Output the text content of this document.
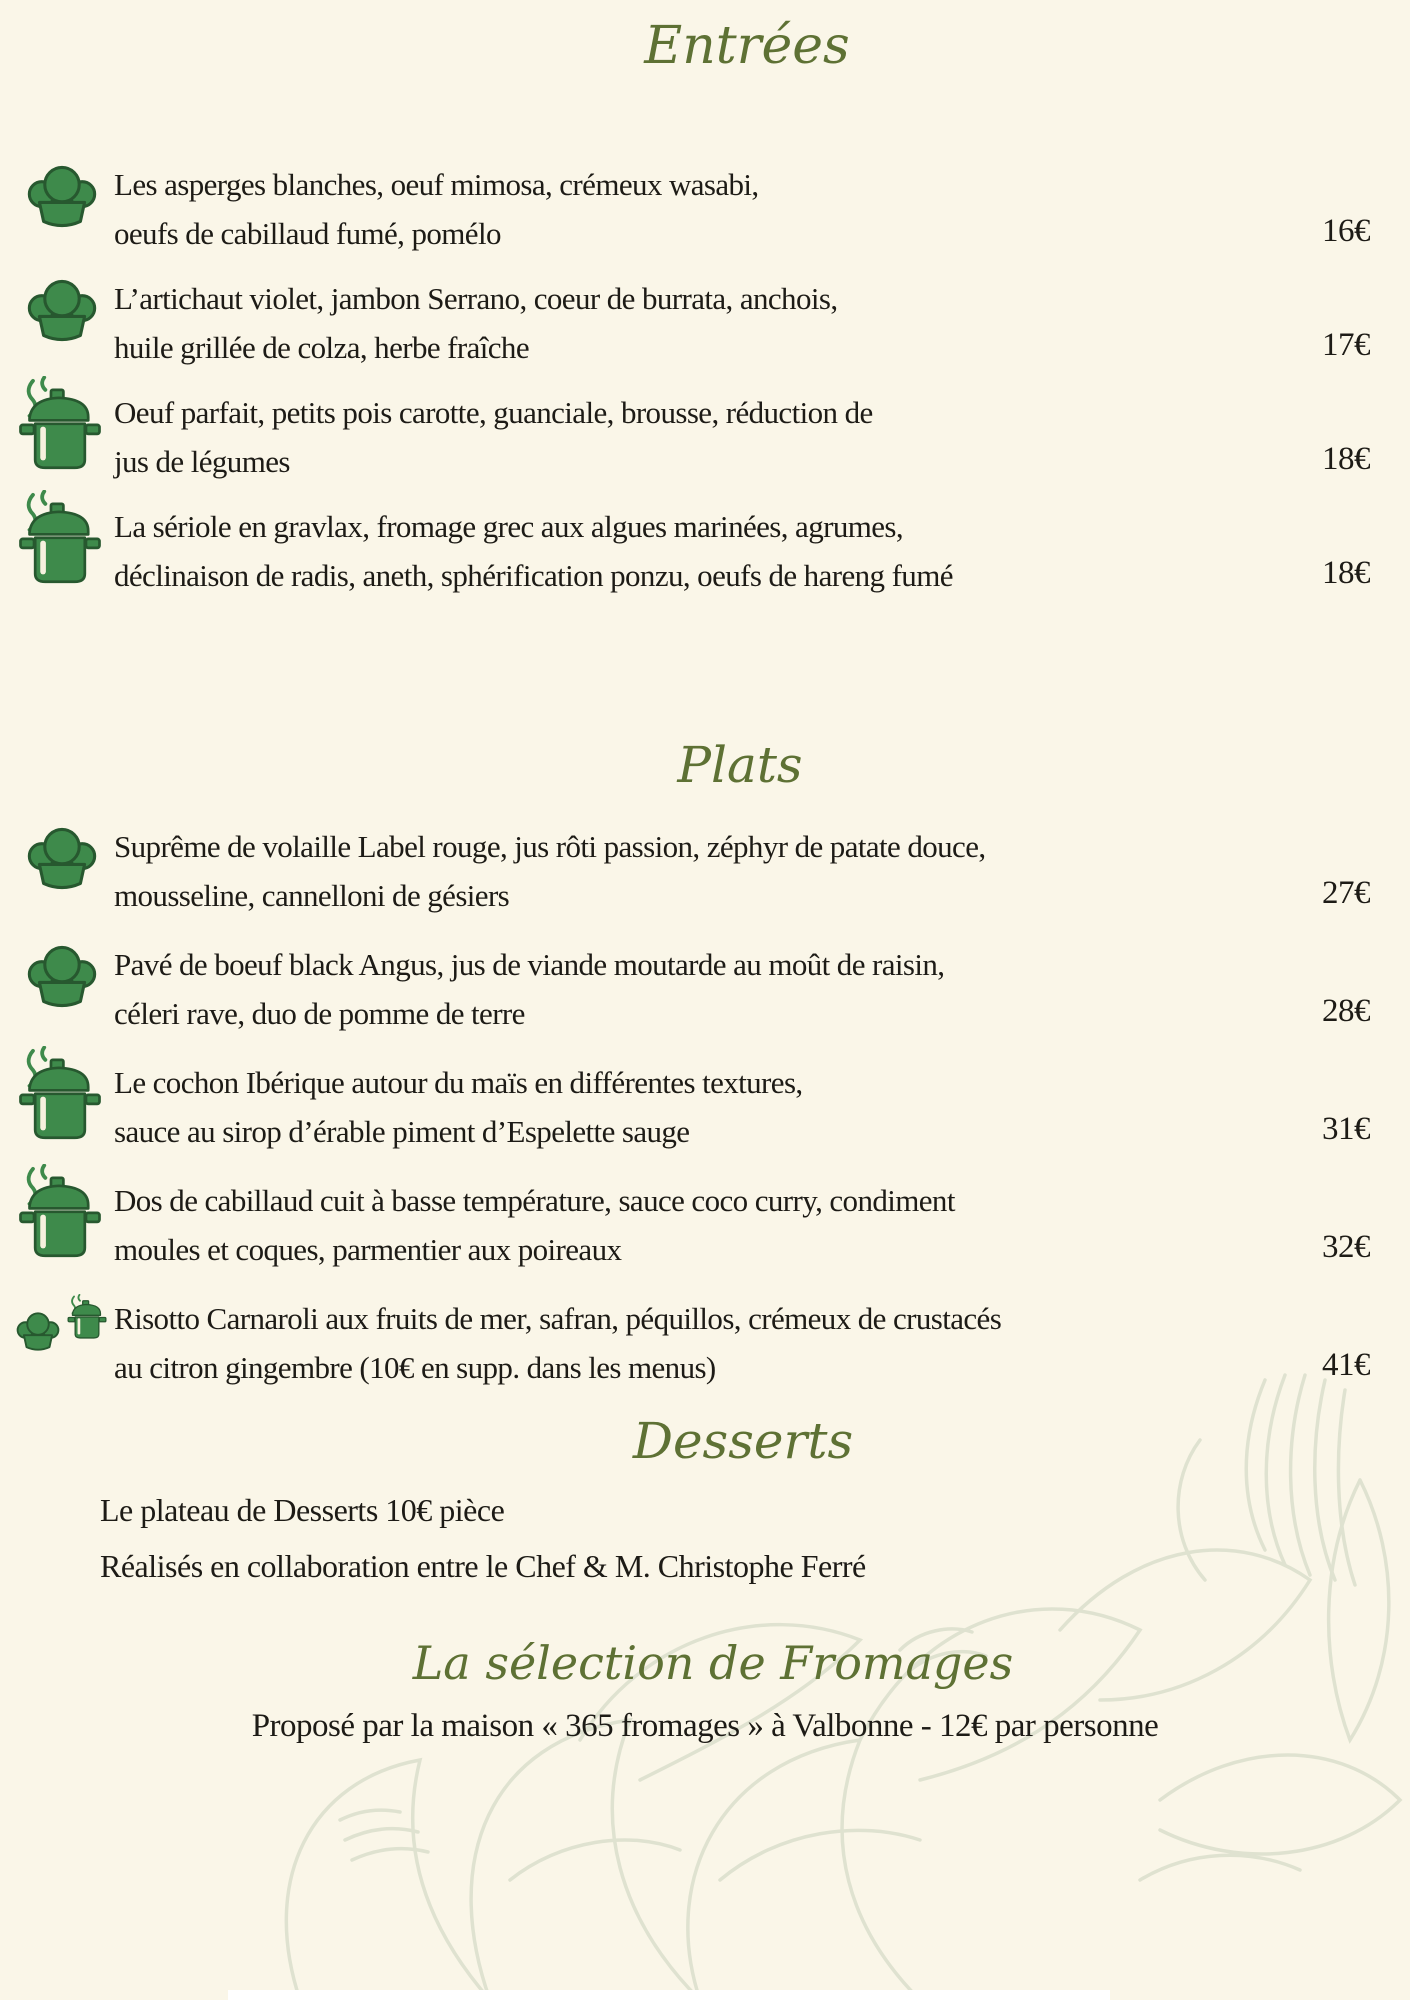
Entrées
Les asperges blanches, oeuf mimosa, crémeux wasabi,
oeufs de cabillaud fumé, pomélo	16€
L’artichaut violet, jambon Serrano, coeur de burrata, anchois,
huile grillée de colza, herbe fraîche	17€
Oeuf parfait, petits pois carotte, guanciale, brousse, réduction de
jus de légumes	18€
La sériole en gravlax, fromage grec aux algues marinées, agrumes,
déclinaison de radis, aneth, sphérification ponzu, oeufs de hareng fumé	18€
Plats
Suprême de volaille Label rouge, jus rôti passion, zéphyr de patate douce,
mousseline, cannelloni de gésiers	27€
Pavé de boeuf black Angus, jus de viande moutarde au moût de raisin,
céleri rave, duo de pomme de terre	28€
Le cochon Ibérique autour du maïs en différentes textures,
sauce au sirop d’érable piment d’Espelette sauge	31€
Dos de cabillaud cuit à basse température, sauce coco curry, condiment
moules et coques, parmentier aux poireaux	32€
Risotto Carnaroli aux fruits de mer, safran, péquillos, crémeux de crustacés
au citron gingembre (10€ en supp. dans les menus)	41€
Desserts
Le plateau de Desserts 10€ pièce
Réalisés en collaboration entre le Chef & M. Christophe Ferré
La sélection de Fromages
Proposé par la maison « 365 fromages » à Valbonne - 12€ par personne
